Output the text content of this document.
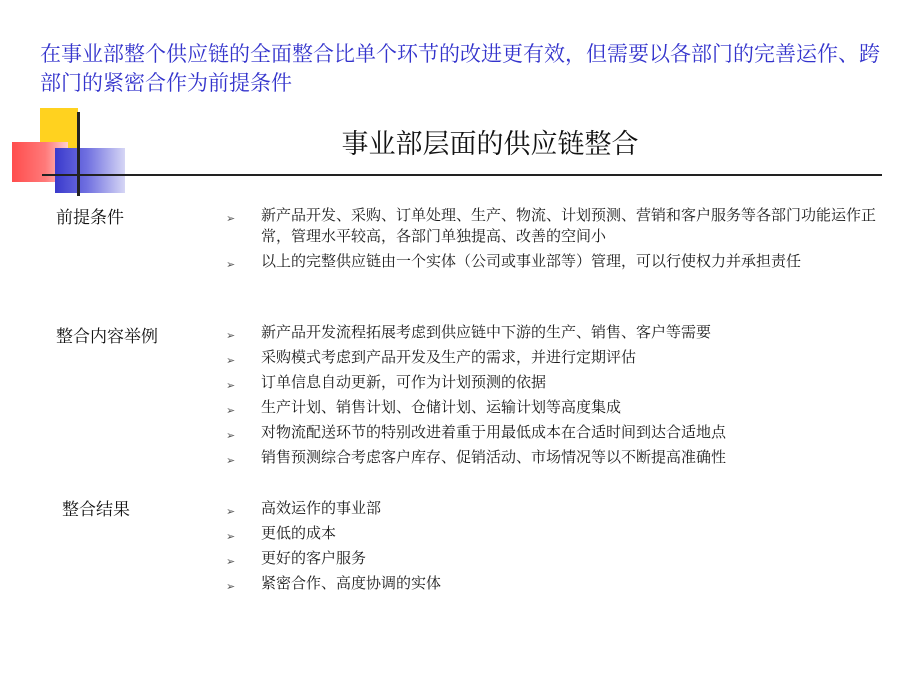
在事业部整个供应链的全面整合比单个环节的改进更有效，但需要以各部门的完善运作、跨部门的紧密合作为前提条件
事业部层面的供应链整合
前提条件	➢ 新产品开发、采购、订单处理、生产、物流、计划预测、营销和客户服务等各部门功能运作正常，管理水平较高，各部门单独提高、改善的空间小
➢ 以上的完整供应链由一个实体（公司或事业部等）管理，可以行使权力并承担责任
整合内容举例	➢ 新产品开发流程拓展考虑到供应链中下游的生产、销售、客户等需要
➢ 采购模式考虑到产品开发及生产的需求，并进行定期评估
➢ 订单信息自动更新，可作为计划预测的依据
➢ 生产计划、销售计划、仓储计划、运输计划等高度集成
➢ 对物流配送环节的特别改进着重于用最低成本在合适时间到达合适地点
➢ 销售预测综合考虑客户库存、促销活动、市场情况等以不断提高准确性
整合结果	➢ 高效运作的事业部
➢ 更低的成本
➢ 更好的客户服务
➢ 紧密合作、高度协调的实体
